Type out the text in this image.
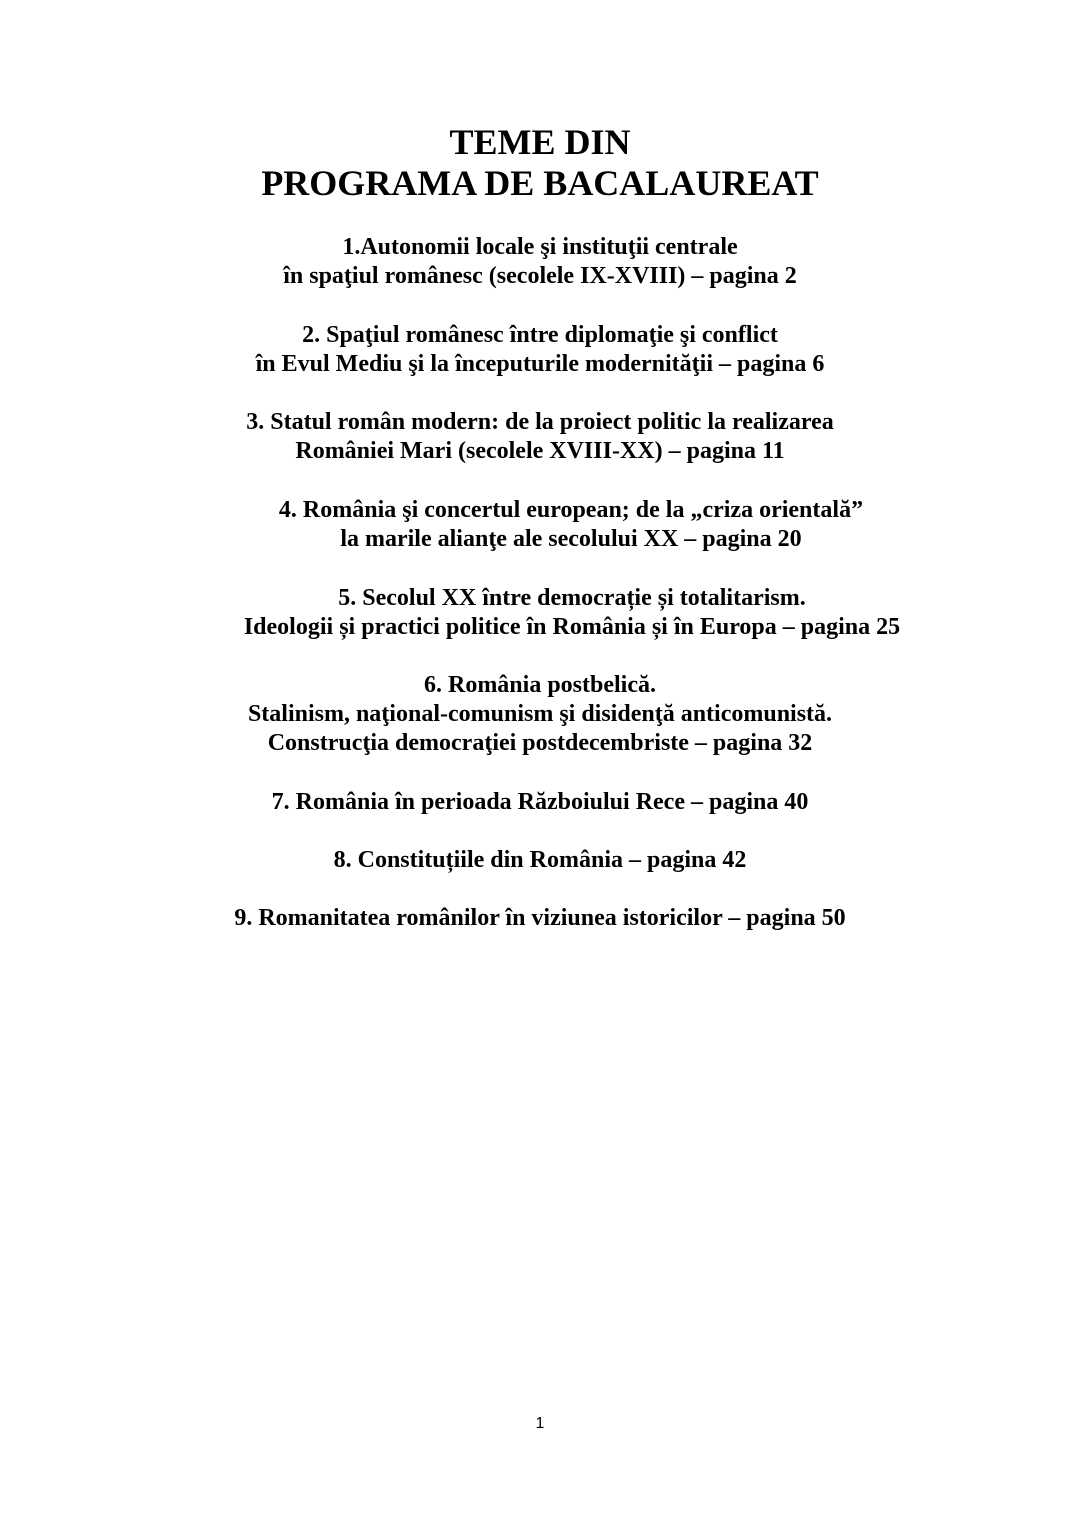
TEME DIN
PROGRAMA DE BACALAUREAT
1.Autonomii locale şi instituţii centrale
în spaţiul românesc (secolele IX-XVIII) – pagina 2
2. Spaţiul românesc între diplomaţie şi conflict
în Evul Mediu şi la începuturile modernităţii – pagina 6
3. Statul român modern: de la proiect politic la realizarea
României Mari (secolele XVIII-XX) – pagina 11
4. România şi concertul european; de la „criza orientală”
la marile alianţe ale secolului XX – pagina 20
5. Secolul XX între democrație și totalitarism.
Ideologii și practici politice în România și în Europa – pagina 25
6. România postbelică.
Stalinism, naţional-comunism şi disidenţă anticomunistă.
Construcţia democraţiei postdecembriste – pagina 32
7. România în perioada Războiului Rece – pagina 40
8. Constituțiile din România – pagina 42
9. Romanitatea românilor în viziunea istoricilor – pagina 50
1
